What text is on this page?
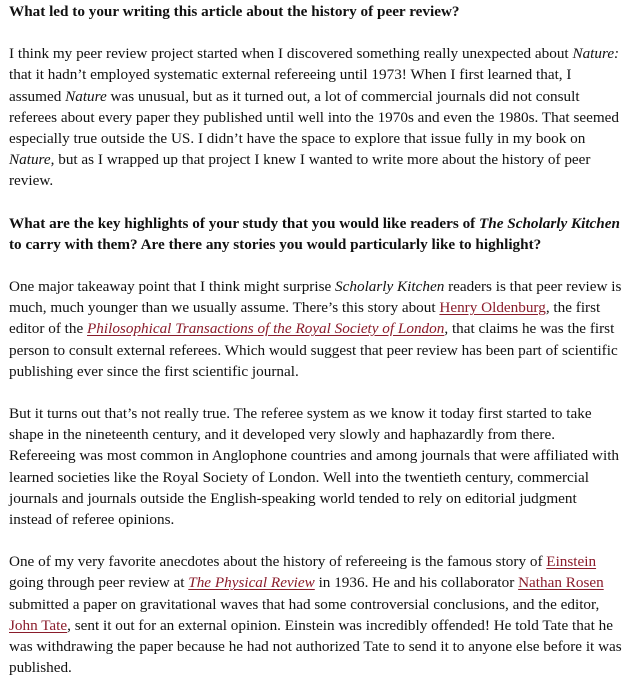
What led to your writing this article about the history of peer review?

I think my peer review project started when I discovered something really unexpected about Nature: that it hadn’t employed systematic external refereeing until 1973! When I first learned that, I assumed Nature was unusual, but as it turned out, a lot of commercial journals did not consult referees about every paper they published until well into the 1970s and even the 1980s. That seemed especially true outside the US. I didn’t have the space to explore that issue fully in my book on Nature, but as I wrapped up that project I knew I wanted to write more about the history of peer review.

What are the key highlights of your study that you would like readers of The Scholarly Kitchen to carry with them? Are there any stories you would particularly like to highlight?

One major takeaway point that I think might surprise Scholarly Kitchen readers is that peer review is much, much younger than we usually assume. There’s this story about Henry Oldenburg, the first editor of the Philosophical Transactions of the Royal Society of London, that claims he was the first person to consult external referees. Which would suggest that peer review has been part of scientific publishing ever since the first scientific journal.

But it turns out that’s not really true. The referee system as we know it today first started to take shape in the nineteenth century, and it developed very slowly and haphazardly from there. Refereeing was most common in Anglophone countries and among journals that were affiliated with learned societies like the Royal Society of London. Well into the twentieth century, commercial journals and journals outside the English-speaking world tended to rely on editorial judgment instead of referee opinions.

One of my very favorite anecdotes about the history of refereeing is the famous story of Einstein going through peer review at The Physical Review in 1936. He and his collaborator Nathan Rosen submitted a paper on gravitational waves that had some controversial conclusions, and the editor, John Tate, sent it out for an external opinion. Einstein was incredibly offended! He told Tate that he was withdrawing the paper because he had not authorized Tate to send it to anyone else before it was published.
